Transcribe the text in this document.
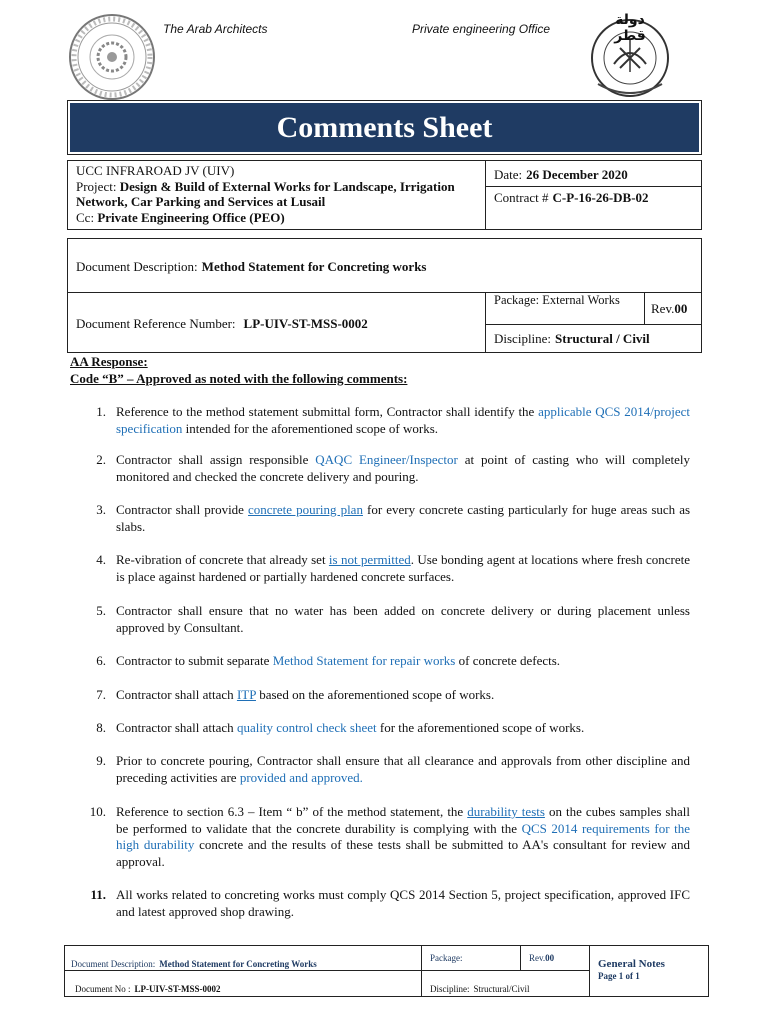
The Arab Architects	Private engineering Office
دولة قطر
Comments Sheet
UCC INFRAROAD JV (UIV)
Project: Design & Build of External Works for Landscape, Irrigation Network, Car Parking and Services at Lusail
Cc: Private Engineering Office (PEO)
Date: 26 December 2020
Contract # C-P-16-26-DB-02
Document Description: Method Statement for Concreting works
Document Reference Number: LP-UIV-ST-MSS-0002
Package: External Works
Rev.00
Discipline: Structural / Civil
AA Response:
Code “B” – Approved as noted with the following comments:
1. Reference to the method statement submittal form, Contractor shall identify the applicable QCS 2014/project specification intended for the aforementioned scope of works.
2. Contractor shall assign responsible QAQC Engineer/Inspector at point of casting who will completely monitored and checked the concrete delivery and pouring.
3. Contractor shall provide concrete pouring plan for every concrete casting particularly for huge areas such as slabs.
4. Re-vibration of concrete that already set is not permitted. Use bonding agent at locations where fresh concrete is place against hardened or partially hardened concrete surfaces.
5. Contractor shall ensure that no water has been added on concrete delivery or during placement unless approved by Consultant.
6. Contractor to submit separate Method Statement for repair works of concrete defects.
7. Contractor shall attach ITP based on the aforementioned scope of works.
8. Contractor shall attach quality control check sheet for the aforementioned scope of works.
9. Prior to concrete pouring, Contractor shall ensure that all clearance and approvals from other discipline and preceding activities are provided and approved.
10. Reference to section 6.3 – Item “ b” of the method statement, the durability tests on the cubes samples shall be performed to validate that the concrete durability is complying with the QCS 2014 requirements for the high durability concrete and the results of these tests shall be submitted to AA's consultant for review and approval.
11. All works related to concreting works must comply QCS 2014 Section 5, project specification, approved IFC and latest approved shop drawing.
Document Description: Method Statement for Concreting Works
Package:	Rev.00	General Notes
Page 1 of 1
Document No : LP-UIV-ST-MSS-0002	Discipline: Structural/Civil
